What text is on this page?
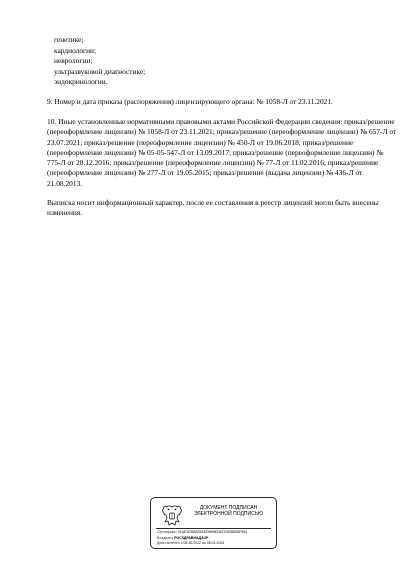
генетике;
кардиологии;
неврологии;
ультразвуковой диагностике;
эндокринологии.

9. Номер и дата приказа (распоряжения) лицензирующего органа: № 1058-Л от 23.11.2021.

10. Иные установленные нормативными правовыми актами Российской Федерации сведения: приказ/решение (переоформление лицензии) № 1058-Л от 23.11.2021; приказ/решение (переоформление лицензии) № 657-Л от 23.07.2021; приказ/решение (переоформление лицензии) № 450-Л от 19.06.2018; приказ/решение (переоформление лицензии) № 05-05-547-Л от 13.09.2017; приказ/решение (переоформление лицензии) № 775-Л от 28.12.2016; приказ/решение (переоформление лицензии) № 77-Л от 11.02.2016; приказ/решение (переоформление лицензии) № 277-Л от 19.05.2015; приказ/решение (выдача лицензии) № 436-Л от 21.08.2013.

Выписка носит информационный характер, после ее составления в реестр лицензий могли быть внесены изменения.

ДОКУМЕНТ ПОДПИСАН
ЭЛЕКТРОННОЙ ПОДПИСЬЮ
Сертификат 01AE1EDB825AED9B9EDECE5058D8F984
Владелец РОСЗДРАВНАДЗОР
Действителен с 05.10.2022 по 05.01.2024
